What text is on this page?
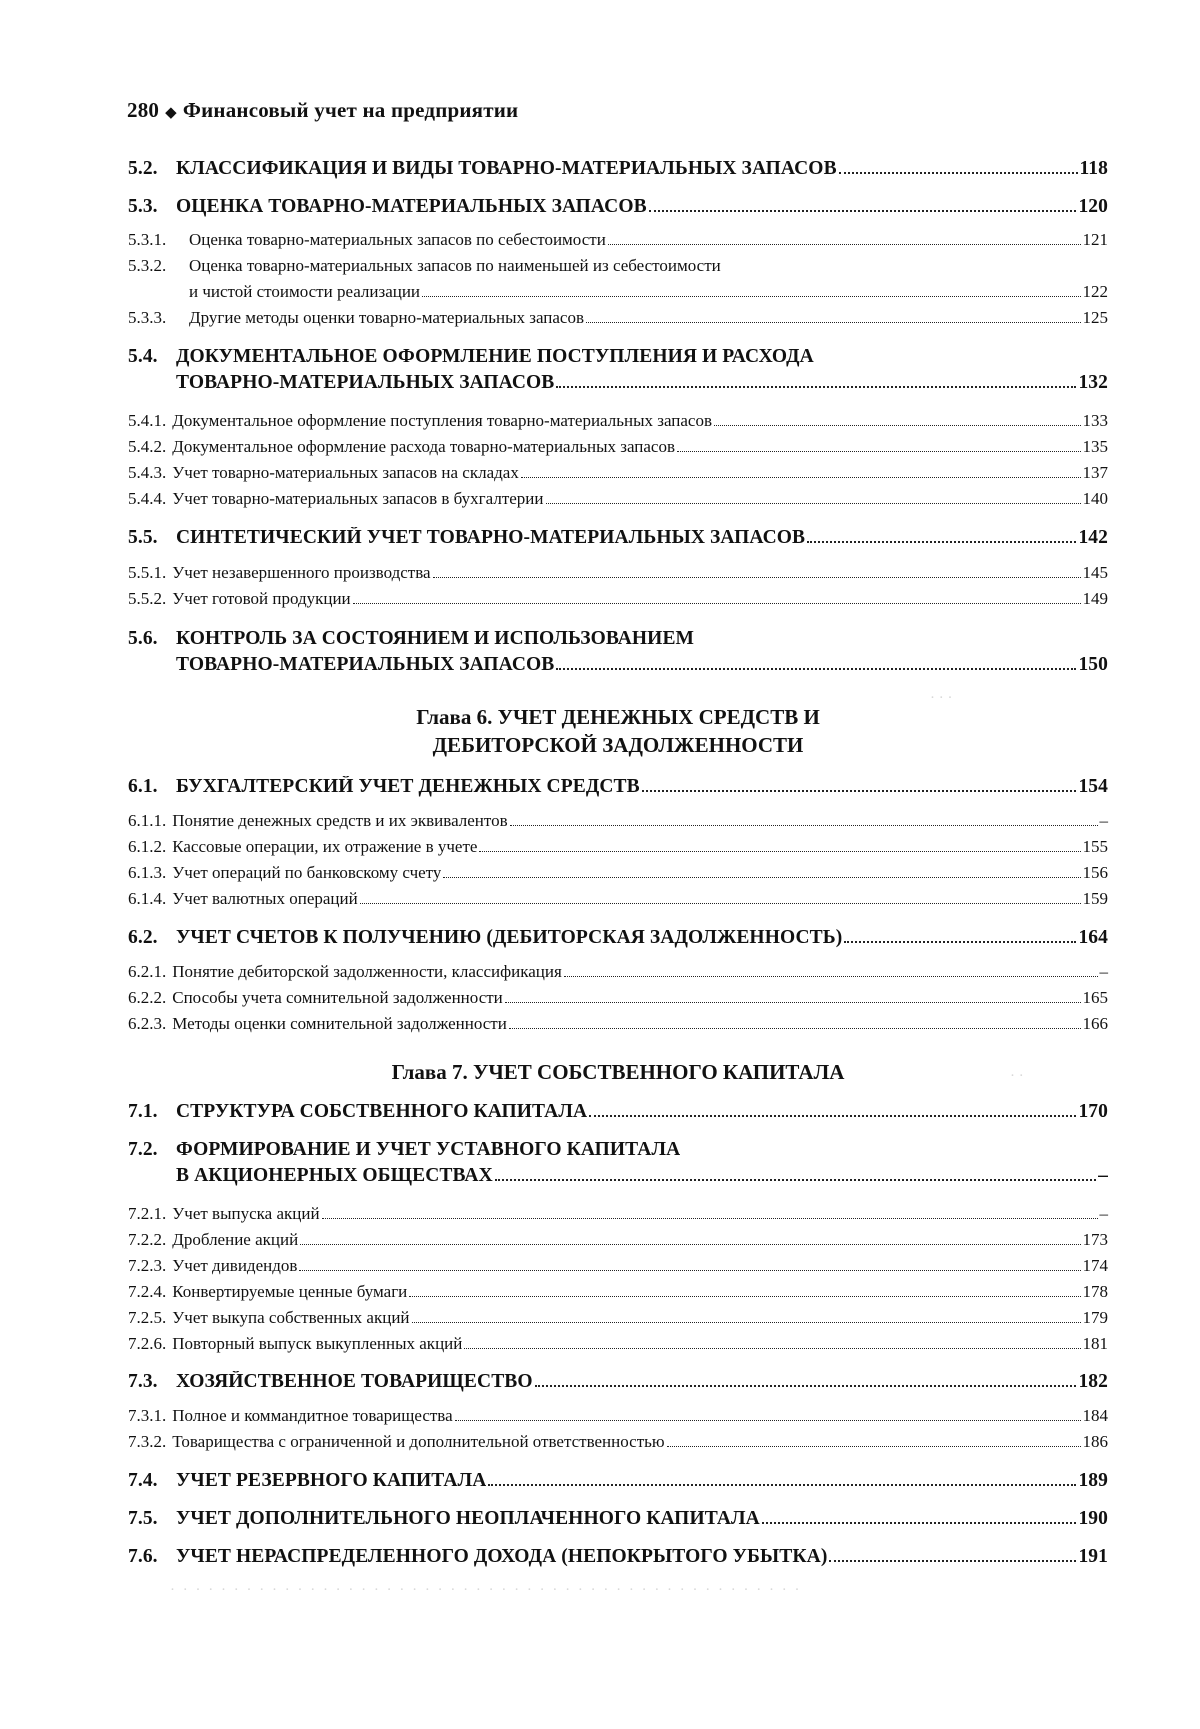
280 ◆ Финансовый учет на предприятии
· · ·
· ·
5.2. КЛАССИФИКАЦИЯ И ВИДЫ ТОВАРНО-МАТЕРИАЛЬНЫХ ЗАПАСОВ	118
5.3. ОЦЕНКА ТОВАРНО-МАТЕРИАЛЬНЫХ ЗАПАСОВ	120
5.3.1.	Оценка товарно-материальных запасов по себестоимости	121
5.3.2.	Оценка товарно-материальных запасов по наименьшей из себестоимости
и чистой стоимости реализации	122
5.3.3.	Другие методы оценки товарно-материальных запасов	125
5.4. ДОКУМЕНТАЛЬНОЕ ОФОРМЛЕНИЕ ПОСТУПЛЕНИЯ И РАСХОДА
ТОВАРНО-МАТЕРИАЛЬНЫХ ЗАПАСОВ	132
5.4.1. Документальное оформление поступления товарно-материальных запасов	133
5.4.2. Документальное оформление расхода товарно-материальных запасов	135
5.4.3. Учет товарно-материальных запасов на складах	137
5.4.4. Учет товарно-материальных запасов в бухгалтерии	140
5.5. СИНТЕТИЧЕСКИЙ УЧЕТ ТОВАРНО-МАТЕРИАЛЬНЫХ ЗАПАСОВ	142
5.5.1. Учет незавершенного производства	145
5.5.2. Учет готовой продукции	149
5.6. КОНТРОЛЬ ЗА СОСТОЯНИЕМ И ИСПОЛЬЗОВАНИЕМ
ТОВАРНО-МАТЕРИАЛЬНЫХ ЗАПАСОВ	150
Глава 6. УЧЕТ ДЕНЕЖНЫХ СРЕДСТВ И
ДЕБИТОРСКОЙ ЗАДОЛЖЕННОСТИ
6.1. БУХГАЛТЕРСКИЙ УЧЕТ ДЕНЕЖНЫХ СРЕДСТВ	154
6.1.1. Понятие денежных средств и их эквивалентов	–
6.1.2. Кассовые операции, их отражение в учете	155
6.1.3. Учет операций по банковскому счету	156
6.1.4. Учет валютных операций	159
6.2. УЧЕТ СЧЕТОВ К ПОЛУЧЕНИЮ (ДЕБИТОРСКАЯ ЗАДОЛЖЕННОСТЬ)	164
6.2.1. Понятие дебиторской задолженности, классификация	–
6.2.2. Способы учета сомнительной задолженности	165
6.2.3. Методы оценки сомнительной задолженности	166
Глава 7. УЧЕТ СОБСТВЕННОГО КАПИТАЛА
7.1. СТРУКТУРА СОБСТВЕННОГО КАПИТАЛА	170
7.2. ФОРМИРОВАНИЕ И УЧЕТ УСТАВНОГО КАПИТАЛА
В АКЦИОНЕРНЫХ ОБЩЕСТВАХ	–
7.2.1. Учет выпуска акций	–
7.2.2. Дробление акций	173
7.2.3. Учет дивидендов	174
7.2.4. Конвертируемые ценные бумаги	178
7.2.5. Учет выкупа собственных акций	179
7.2.6. Повторный выпуск выкупленных акций	181
7.3. ХОЗЯЙСТВЕННОЕ ТОВАРИЩЕСТВО	182
7.3.1. Полное и коммандитное товарищества	184
7.3.2. Товарищества с ограниченной и дополнительной ответственностью	186
7.4. УЧЕТ РЕЗЕРВНОГО КАПИТАЛА	189
7.5. УЧЕТ ДОПОЛНИТЕЛЬНОГО НЕОПЛАЧЕННОГО КАПИТАЛА	190
7.6. УЧЕТ НЕРАСПРЕДЕЛЕННОГО ДОХОДА (НЕПОКРЫТОГО УБЫТКА)	191
· · · · · · · · · · · · · · · · · · · · · · · · · · · · · · · · · · · · · · · · · · · · · · · · · ·
